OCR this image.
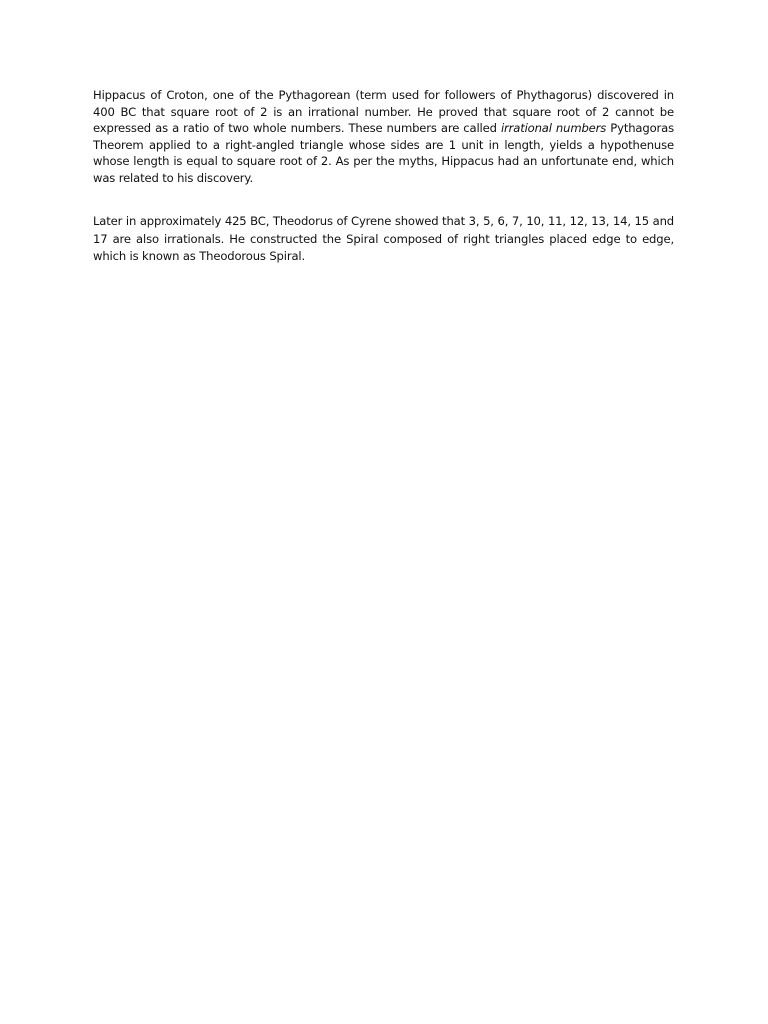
Hippacus of Croton, one of the Pythagorean (term used for followers of Phythagorus) discovered in 400 BC that square root of 2 is an irrational number. He proved that square root of 2 cannot be expressed as a ratio of two whole numbers. These numbers are called irrational numbers Pythagoras Theorem applied to a right-angled triangle whose sides are 1 unit in length, yields a hypothenuse whose length is equal to square root of 2. As per the myths, Hippacus had an unfortunate end, which was related to his discovery.

Later in approximately 425 BC, Theodorus of Cyrene showed that 3, 5, 6, 7, 10, 11, 12, 13, 14, 15 and 17 are also irrationals. He constructed the Spiral composed of right triangles placed edge to edge, which is known as Theodorous Spiral.
